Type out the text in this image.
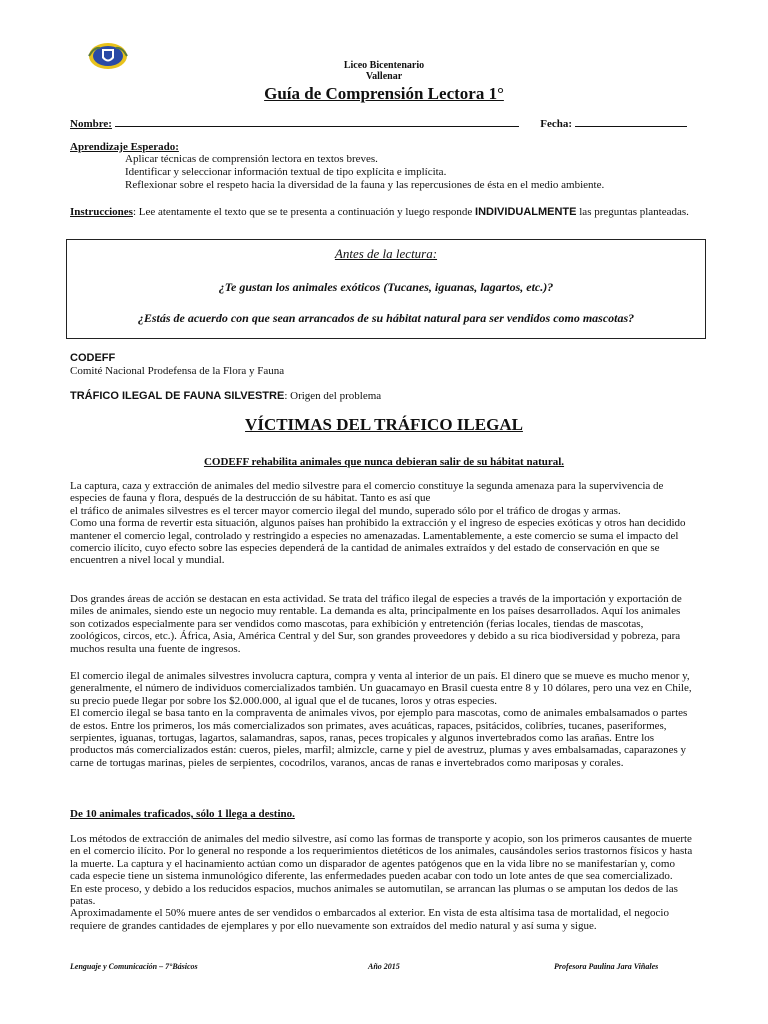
Liceo Bicentenario
Vallenar
Guía de Comprensión Lectora 1°
Nombre:	Fecha:
Aprendizaje Esperado:
Aplicar técnicas de comprensión lectora en textos breves.
Identificar y seleccionar información textual de tipo explícita e implícita.
Reflexionar sobre el respeto hacia la diversidad de la fauna y las repercusiones de ésta en el medio ambiente.
Instrucciones: Lee atentamente el texto que se te presenta a continuación y luego responde INDIVIDUALMENTE las preguntas planteadas.
Antes de la lectura:
¿Te gustan los animales exóticos (Tucanes, iguanas, lagartos, etc.)?
¿Estás de acuerdo con que sean arrancados de su hábitat natural para ser vendidos como mascotas?
CODEFF
Comité Nacional Prodefensa de la Flora y Fauna
TRÁFICO ILEGAL DE FAUNA SILVESTRE: Origen del problema
VÍCTIMAS DEL TRÁFICO ILEGAL
CODEFF rehabilita animales que nunca debieran salir de su hábitat natural.

La captura, caza y extracción de animales del medio silvestre para el comercio constituye la segunda amenaza para la supervivencia de especies de fauna y flora, después de la destrucción de su hábitat. Tanto es así que

el tráfico de animales silvestres es el tercer mayor comercio ilegal del mundo, superado sólo por el tráfico de drogas y armas.

Como una forma de revertir esta situación, algunos países han prohibido la extracción y el ingreso de especies exóticas y otros han decidido mantener el comercio legal, controlado y restringido a especies no amenazadas. Lamentablemente, a este comercio se suma el impacto del comercio ilícito, cuyo efecto sobre las especies dependerá de la cantidad de animales extraídos y del estado de conservación en que se encuentren a nivel local y mundial.

Dos grandes áreas de acción se destacan en esta actividad. Se trata del tráfico ilegal de especies a través de la importación y exportación de miles de animales, siendo este un negocio muy rentable. La demanda es alta, principalmente en los países desarrollados. Aquí los animales son cotizados especialmente para ser vendidos como mascotas, para exhibición y entretención (ferias locales, tiendas de mascotas, zoológicos, circos, etc.). África, Asia, América Central y del Sur, son grandes proveedores y debido a su rica biodiversidad y pobreza, para muchos resulta una fuente de ingresos.

El comercio ilegal de animales silvestres involucra captura, compra y venta al interior de un país. El dinero que se mueve es mucho menor y, generalmente, el número de individuos comercializados también. Un guacamayo en Brasil cuesta entre 8 y 10 dólares, pero una vez en Chile, su precio puede llegar por sobre los $2.000.000, al igual que el de tucanes, loros y otras especies.

El comercio ilegal se basa tanto en la compraventa de animales vivos, por ejemplo para mascotas, como de animales embalsamados o partes de estos. Entre los primeros, los más comercializados son primates, aves acuáticas, rapaces, psitácidos, colibríes, tucanes, paseriformes, serpientes, iguanas, tortugas, lagartos, salamandras, sapos, ranas, peces tropicales y algunos invertebrados como las arañas. Entre los productos más comercializados están: cueros, pieles, marfil; almizcle, carne y piel de avestruz, plumas y aves embalsamadas, caparazones y carne de tortugas marinas, pieles de serpientes, cocodrilos, varanos, ancas de ranas e invertebrados como mariposas y corales.

De 10 animales traficados, sólo 1 llega a destino.

Los métodos de extracción de animales del medio silvestre, así como las formas de transporte y acopio, son los primeros causantes de muerte en el comercio ilícito. Por lo general no responde a los requerimientos dietéticos de los animales, causándoles serios trastornos físicos y hasta la muerte. La captura y el hacinamiento actúan como un disparador de agentes patógenos que en la vida libre no se manifestarían y, como cada especie tiene un sistema inmunológico diferente, las enfermedades pueden acabar con todo un lote antes de que sea comercializado.

En este proceso, y debido a los reducidos espacios, muchos animales se automutilan, se arrancan las plumas o se amputan los dedos de las patas.

Aproximadamente el 50% muere antes de ser vendidos o embarcados al exterior. En vista de esta altísima tasa de mortalidad, el negocio requiere de grandes cantidades de ejemplares y por ello nuevamente son extraídos del medio natural y así suma y sigue.

Lenguaje y Comunicación – 7°Básicos	Año 2015	Profesora Paulina Jara Viñales
